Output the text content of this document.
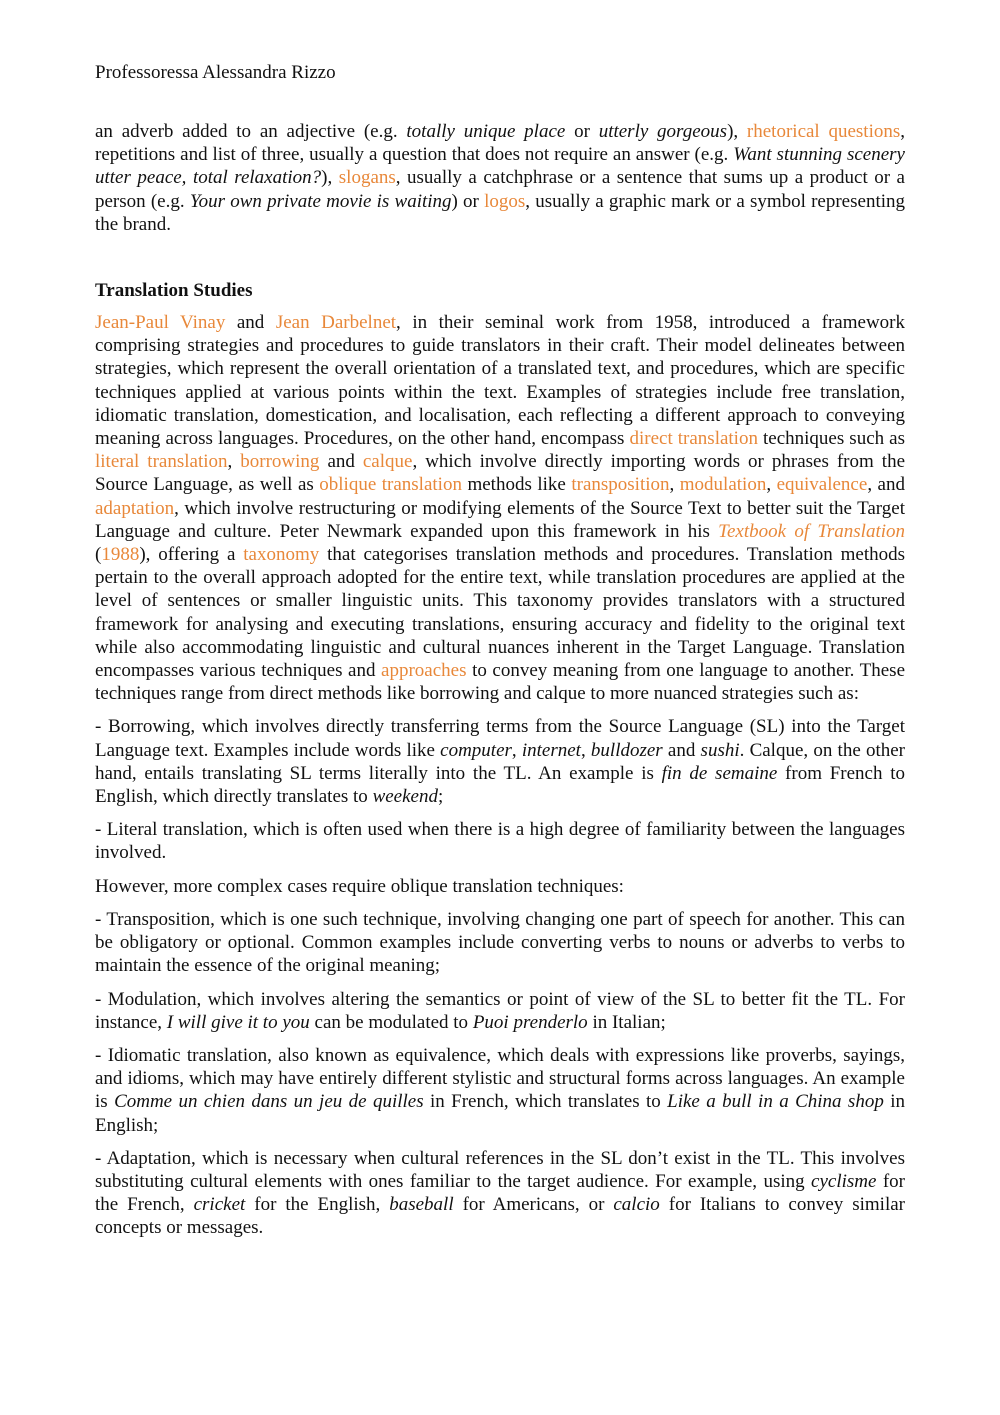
Professoressa Alessandra Rizzo

an adverb added to an adjective (e.g. totally unique place or utterly gorgeous), rhetorical questions, repetitions and list of three, usually a question that does not require an answer (e.g. Want stunning scenery utter peace, total relaxation?), slogans, usually a catchphrase or a sentence that sums up a product or a person (e.g. Your own private movie is waiting) or logos, usually a graphic mark or a symbol representing the brand.

Translation Studies

Jean-Paul Vinay and Jean Darbelnet, in their seminal work from 1958, introduced a framework comprising strategies and procedures to guide translators in their craft. Their model delineates between strategies, which represent the overall orientation of a translated text, and procedures, which are specific techniques applied at various points within the text. Examples of strategies include free translation, idiomatic translation, domestication, and localisation, each reflecting a different approach to conveying meaning across languages. Procedures, on the other hand, encompass direct translation techniques such as literal translation, borrowing and calque, which involve directly importing words or phrases from the Source Language, as well as oblique translation methods like transposition, modulation, equivalence, and adaptation, which involve restructuring or modifying elements of the Source Text to better suit the Target Language and culture. Peter Newmark expanded upon this framework in his Textbook of Translation (1988), offering a taxonomy that categorises translation methods and procedures. Translation methods pertain to the overall approach adopted for the entire text, while translation procedures are applied at the level of sentences or smaller linguistic units. This taxonomy provides translators with a structured framework for analysing and executing translations, ensuring accuracy and fidelity to the original text while also accommodating linguistic and cultural nuances inherent in the Target Language. Translation encompasses various techniques and approaches to convey meaning from one language to another. These techniques range from direct methods like borrowing and calque to more nuanced strategies such as:

- Borrowing, which involves directly transferring terms from the Source Language (SL) into the Target Language text. Examples include words like computer, internet, bulldozer and sushi. Calque, on the other hand, entails translating SL terms literally into the TL. An example is fin de semaine from French to English, which directly translates to weekend;

- Literal translation, which is often used when there is a high degree of familiarity between the languages involved.

However, more complex cases require oblique translation techniques:

- Transposition, which is one such technique, involving changing one part of speech for another. This can be obligatory or optional. Common examples include converting verbs to nouns or adverbs to verbs to maintain the essence of the original meaning;

- Modulation, which involves altering the semantics or point of view of the SL to better fit the TL. For instance, I will give it to you can be modulated to Puoi prenderlo in Italian;

- Idiomatic translation, also known as equivalence, which deals with expressions like proverbs, sayings, and idioms, which may have entirely different stylistic and structural forms across languages. An example is Comme un chien dans un jeu de quilles in French, which translates to Like a bull in a China shop in English;

- Adaptation, which is necessary when cultural references in the SL don’t exist in the TL. This involves substituting cultural elements with ones familiar to the target audience. For example, using cyclisme for the French, cricket for the English, baseball for Americans, or calcio for Italians to convey similar concepts or messages.
